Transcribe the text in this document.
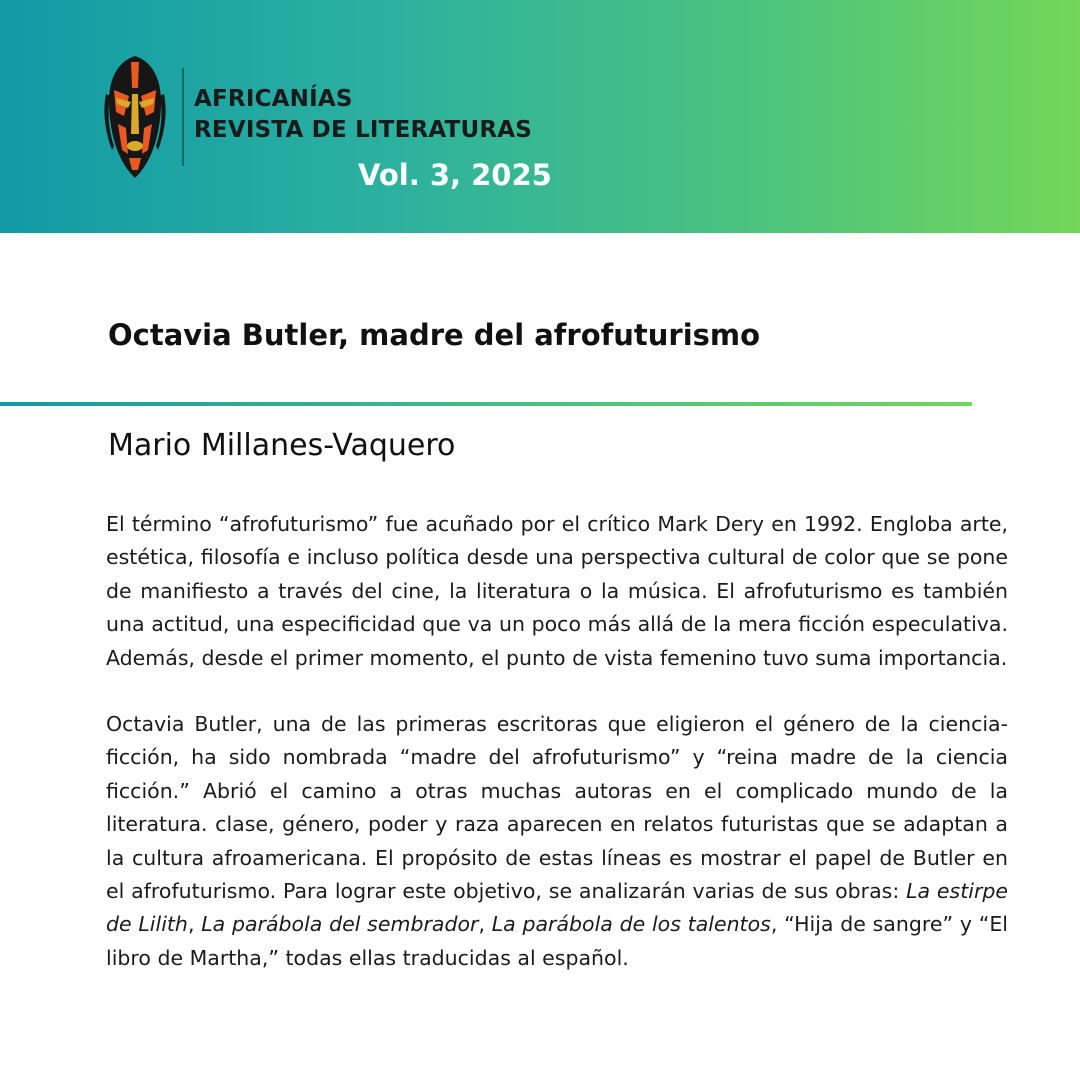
AFRICANÍAS
REVISTA DE LITERATURAS
Vol. 3, 2025
Octavia Butler, madre del afrofuturismo
Mario Millanes-Vaquero

El término “afrofuturismo” fue acuñado por el crítico Mark Dery en 1992. Engloba arte, estética, filosofía e incluso política desde una perspectiva cultural de color que se pone de manifiesto a través del cine, la literatura o la música. El afrofuturismo es también una actitud, una especificidad que va un poco más allá de la mera ficción especulativa. Además, desde el primer momento, el punto de vista femenino tuvo suma importancia.

Octavia Butler, una de las primeras escritoras que eligieron el género de la ciencia-ficción, ha sido nombrada “madre del afrofuturismo” y “reina madre de la ciencia ficción.” Abrió el camino a otras muchas autoras en el complicado mundo de la literatura. clase, género, poder y raza aparecen en relatos futuristas que se adaptan a la cultura afroamericana. El propósito de estas líneas es mostrar el papel de Butler en el afrofuturismo. Para lograr este objetivo, se analizarán varias de sus obras: La estirpe de Lilith, La parábola del sembrador, La parábola de los talentos, “Hija de sangre” y “El libro de Martha,” todas ellas traducidas al español.
